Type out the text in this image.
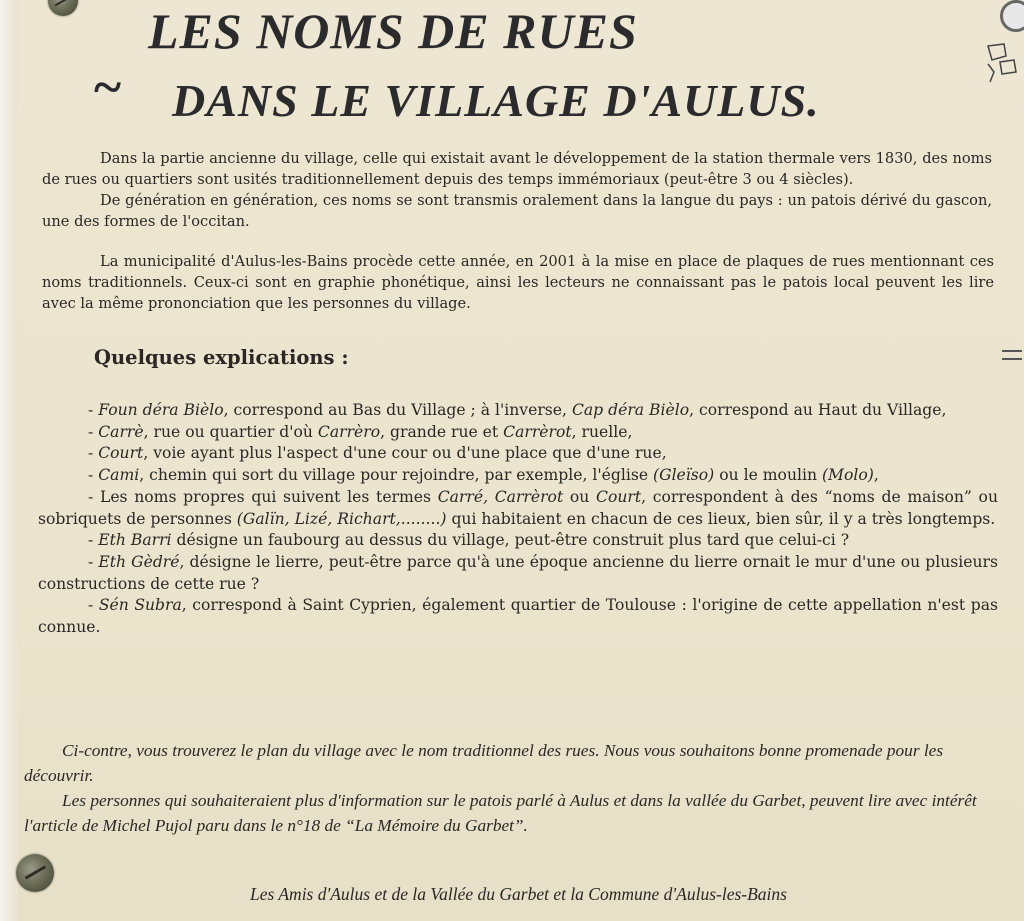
LES NOMS DE RUES
~ DANS LE VILLAGE D'AULUS.

Dans la partie ancienne du village, celle qui existait avant le développement de la station thermale vers 1830, des noms de rues ou quartiers sont usités traditionnellement depuis des temps immémoriaux (peut-être 3 ou 4 siècles).

De génération en génération, ces noms se sont transmis oralement dans la langue du pays : un patois dérivé du gascon, une des formes de l'occitan.

La municipalité d'Aulus-les-Bains procède cette année, en 2001 à la mise en place de plaques de rues mentionnant ces noms traditionnels. Ceux-ci sont en graphie phonétique, ainsi les lecteurs ne connaissant pas le patois local peuvent les lire avec la même prononciation que les personnes du village.

Quelques explications :

- Foun déra Bièlo, correspond au Bas du Village ; à l'inverse, Cap déra Bièlo, correspond au Haut du Village,

- Carrè, rue ou quartier d'où Carrèro, grande rue et Carrèrot, ruelle,

- Court, voie ayant plus l'aspect d'une cour ou d'une place que d'une rue,

- Cami, chemin qui sort du village pour rejoindre, par exemple, l'église (Gleïso) ou le moulin (Molo),

- Les noms propres qui suivent les termes Carré, Carrèrot ou Court, correspondent à des “noms de maison” ou sobriquets de personnes (Galïn, Lizé, Richart,........) qui habitaient en chacun de ces lieux, bien sûr, il y a très longtemps.

- Eth Barri désigne un faubourg au dessus du village, peut-être construit plus tard que celui-ci ?

- Eth Gèdré, désigne le lierre, peut-être parce qu'à une époque ancienne du lierre ornait le mur d'une ou plusieurs constructions de cette rue ?

- Sén Subra, correspond à Saint Cyprien, également quartier de Toulouse : l'origine de cette appellation n'est pas connue.

Ci-contre, vous trouverez le plan du village avec le nom traditionnel des rues. Nous vous souhaitons bonne promenade pour les découvrir.

Les personnes qui souhaiteraient plus d'information sur le patois parlé à Aulus et dans la vallée du Garbet, peuvent lire avec intérêt l'article de Michel Pujol paru dans le n°18 de “La Mémoire du Garbet”.

Les Amis d'Aulus et de la Vallée du Garbet et la Commune d'Aulus-les-Bains
